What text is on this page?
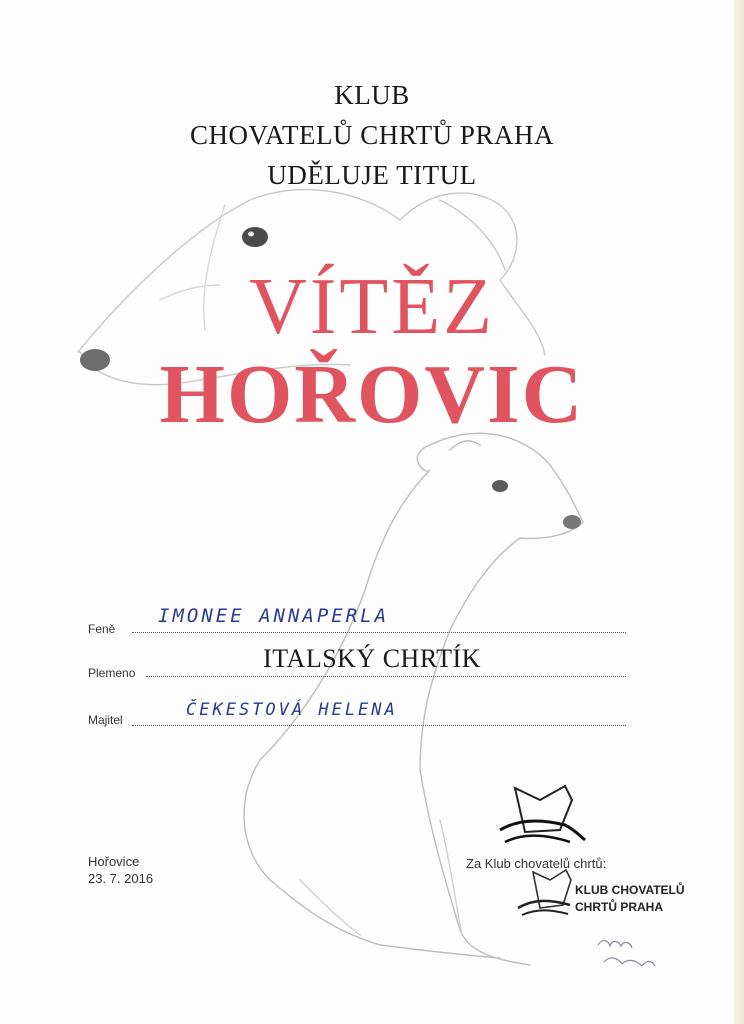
KLUB
CHOVATELŮ CHRTŮ PRAHA
UDĚLUJE TITUL
VÍTĚZ
HOŘOVIC
Feně
IMONEE ANNAPERLA
Plemeno	ITALSKÝ CHRTÍK
Majitel	ČEKESTOVÁ HELENA
Hořovice
23. 7. 2016
Za Klub chovatelů chrtů:
KLUB CHOVATELŮ
CHRTŮ PRAHA
